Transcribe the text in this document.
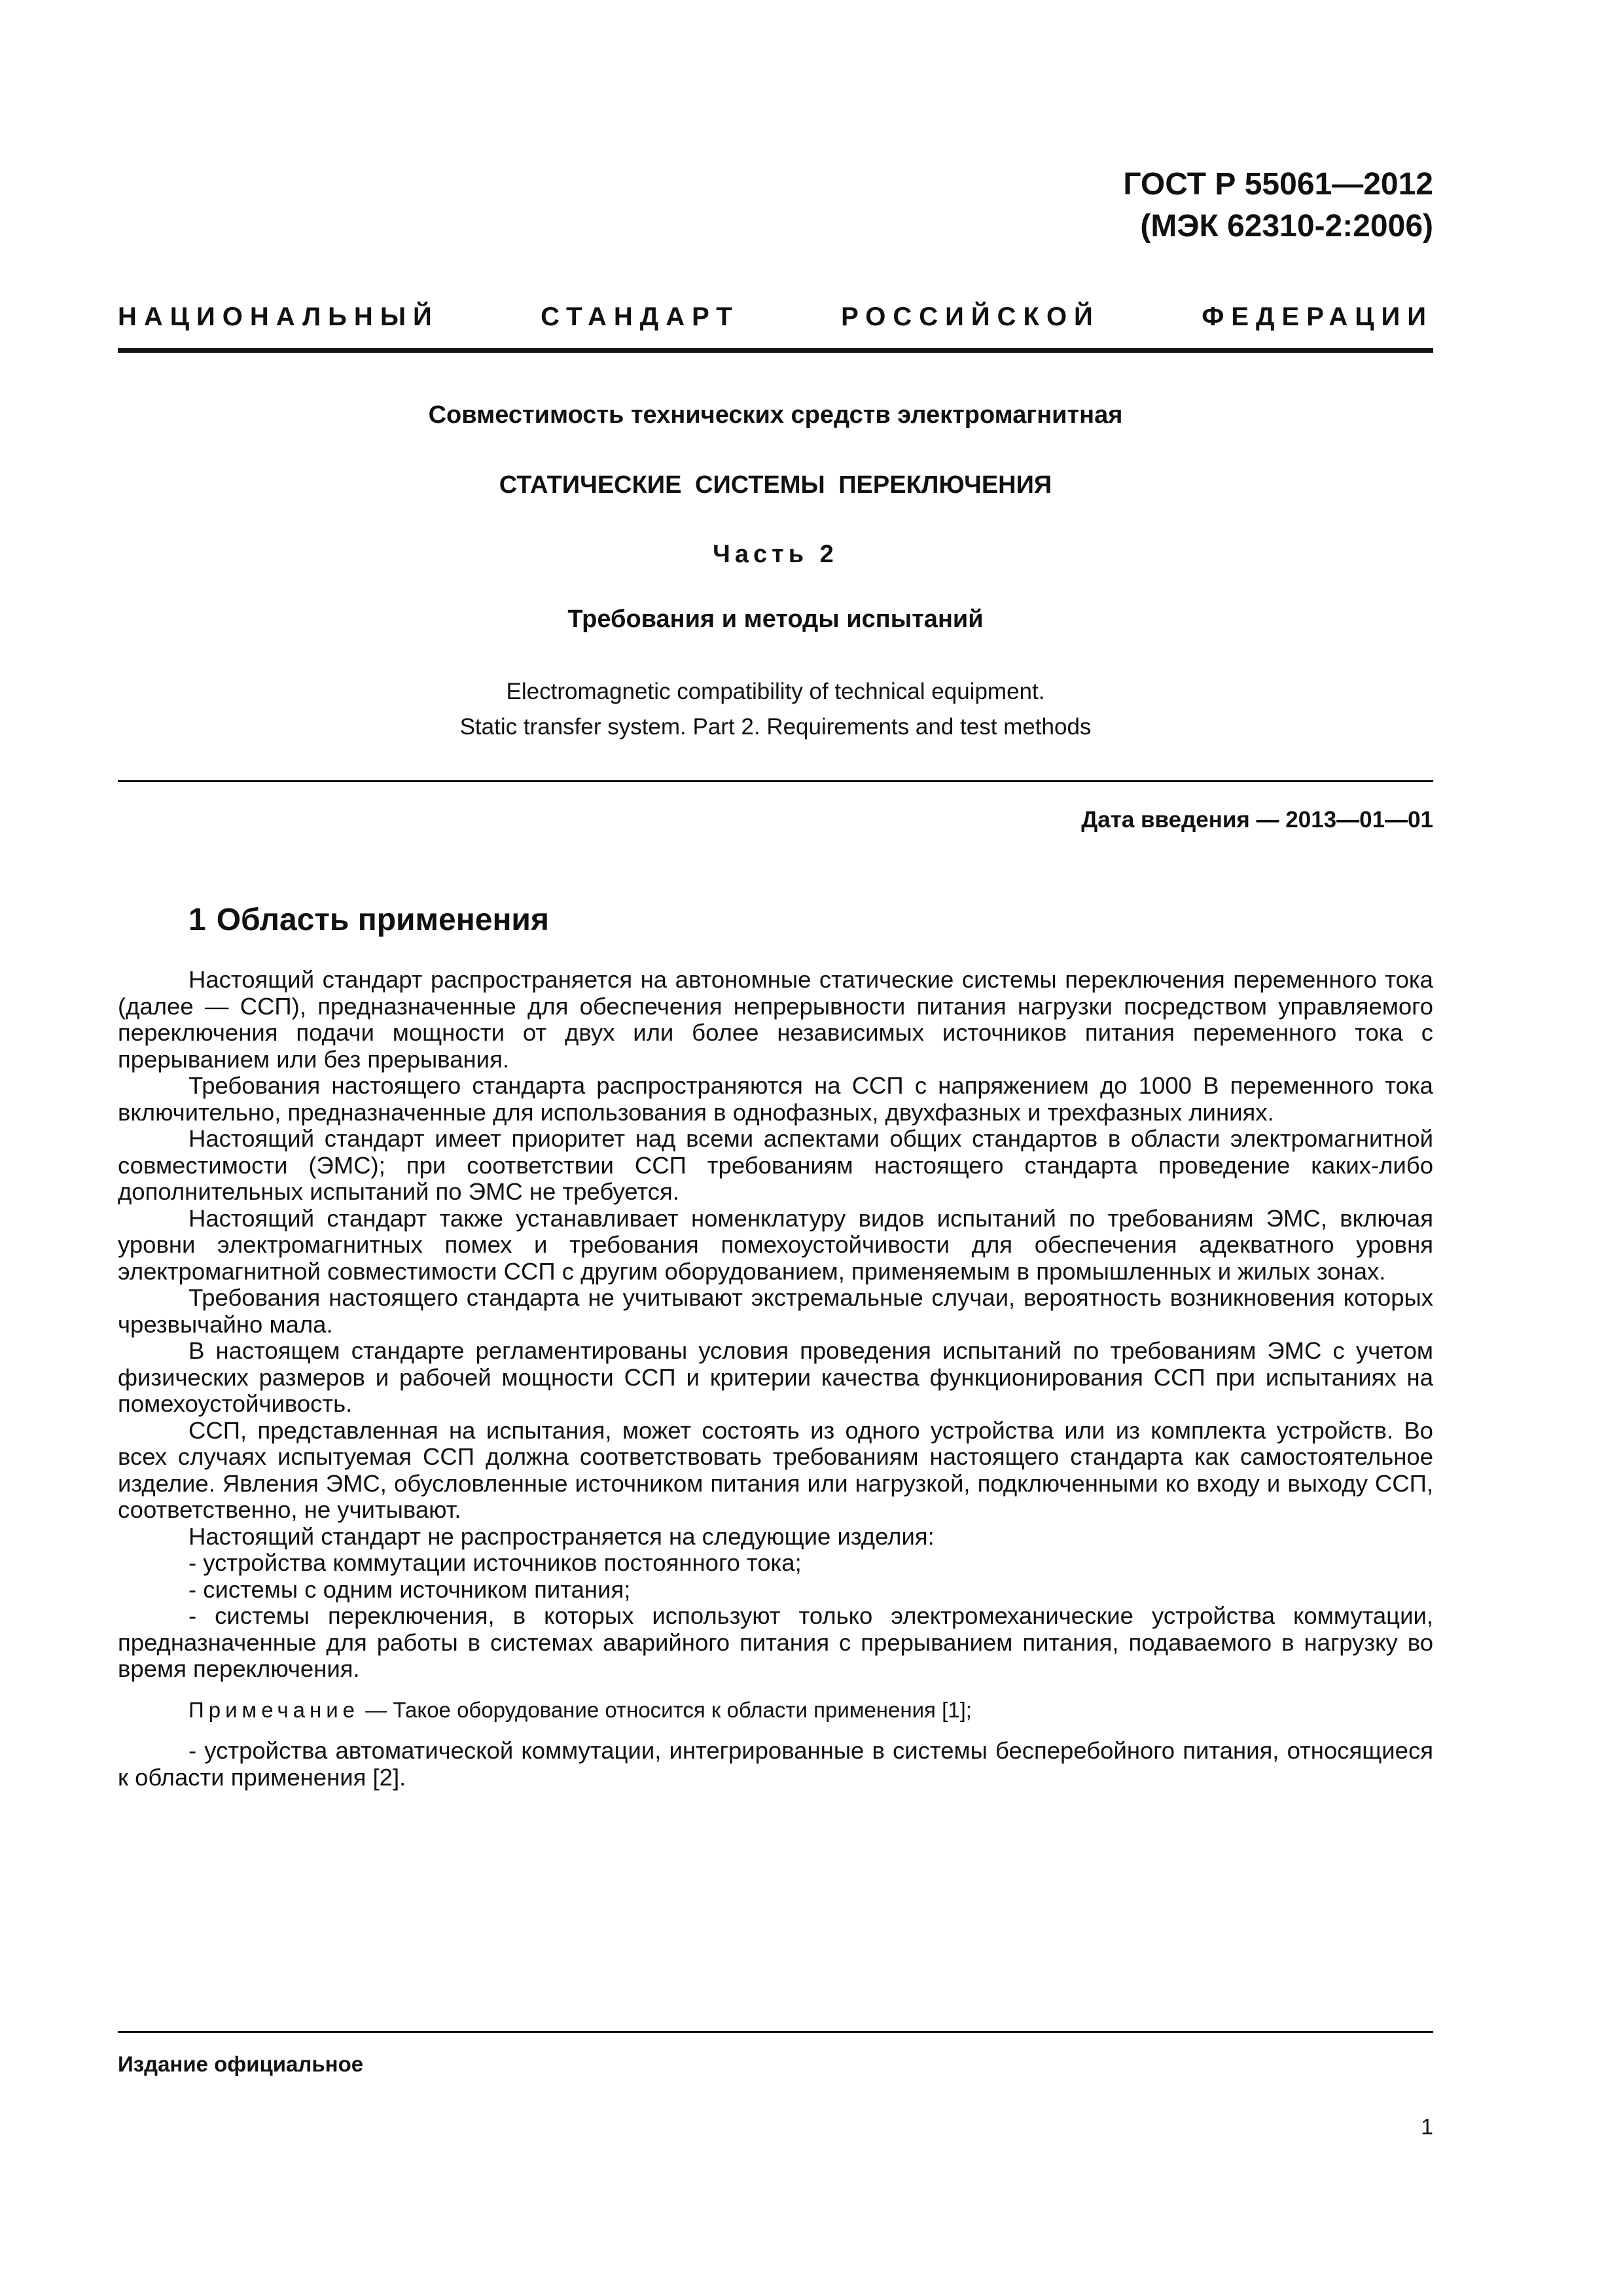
ГОСТ Р 55061—2012
(МЭК 62310-2:2006)
НАЦИОНАЛЬНЫЙ СТАНДАРТ РОССИЙСКОЙ ФЕДЕРАЦИИ
Совместимость технических средств электромагнитная
СТАТИЧЕСКИЕ СИСТЕМЫ ПЕРЕКЛЮЧЕНИЯ
Часть 2
Требования и методы испытаний
Electromagnetic compatibility of technical equipment.
Static transfer system. Part 2. Requirements and test methods
Дата введения — 2013—01—01
1 Область применения

Настоящий стандарт распространяется на автономные статические системы переключения переменного тока (далее — ССП), предназначенные для обеспечения непрерывности питания нагрузки посредством управляемого переключения подачи мощности от двух или более независимых источников питания переменного тока с прерыванием или без прерывания.

Требования настоящего стандарта распространяются на ССП с напряжением до 1000 В переменного тока включительно, предназначенные для использования в однофазных, двухфазных и трехфазных линиях.

Настоящий стандарт имеет приоритет над всеми аспектами общих стандартов в области электромагнитной совместимости (ЭМС); при соответствии ССП требованиям настоящего стандарта проведение каких-либо дополнительных испытаний по ЭМС не требуется.

Настоящий стандарт также устанавливает номенклатуру видов испытаний по требованиям ЭМС, включая уровни электромагнитных помех и требования помехоустойчивости для обеспечения адекватного уровня электромагнитной совместимости ССП с другим оборудованием, применяемым в промышленных и жилых зонах.

Требования настоящего стандарта не учитывают экстремальные случаи, вероятность возникновения которых чрезвычайно мала.

В настоящем стандарте регламентированы условия проведения испытаний по требованиям ЭМС с учетом физических размеров и рабочей мощности ССП и критерии качества функционирования ССП при испытаниях на помехоустойчивость.

ССП, представленная на испытания, может состоять из одного устройства или из комплекта устройств. Во всех случаях испытуемая ССП должна соответствовать требованиям настоящего стандарта как самостоятельное изделие. Явления ЭМС, обусловленные источником питания или нагрузкой, подключенными ко входу и выходу ССП, соответственно, не учитывают.

Настоящий стандарт не распространяется на следующие изделия:

- устройства коммутации источников постоянного тока;

- системы с одним источником питания;

- системы переключения, в которых используют только электромеханические устройства коммутации, предназначенные для работы в системах аварийного питания с прерыванием питания, подаваемого в нагрузку во время переключения.

Примечание — Такое оборудование относится к области применения [1];

- устройства автоматической коммутации, интегрированные в системы бесперебойного питания, относящиеся к области применения [2].

Издание официальное
1
